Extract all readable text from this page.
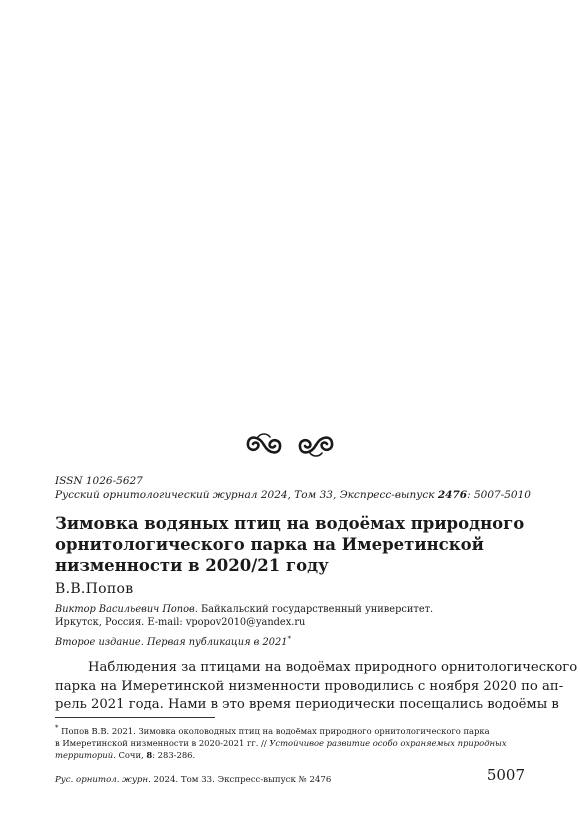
ISSN 1026-5627
Русский орнитологический журнал 2024, Том 33, Экспресс-выпуск 2476: 5007-5010
Зимовка водяных птиц на водоёмах природного
орнитологического парка на Имеретинской
низменности в 2020/21 году
В.В.Попов
Виктор Васильевич Попов. Байкальский государственный университет.
Иркутск, Россия. E-mail: vpopov2010@yandex.ru
Второе издание. Первая публикация в 2021*
Наблюдения за птицами на водоёмах природного орнитологического
парка на Имеретинской низменности проводились с ноября 2020 по ап-
рель 2021 года. Нами в это время периодически посещались водоёмы в
* Попов В.В. 2021. Зимовка околоводных птиц на водоёмах природного орнитологического парка
в Имеретинской низменности в 2020-2021 гг. // Устойчивое развитие особо охраняемых природных
территорий. Сочи, 8: 283-286.
Рус. орнитол. журн. 2024. Том 33. Экспресс-выпуск № 2476	5007
